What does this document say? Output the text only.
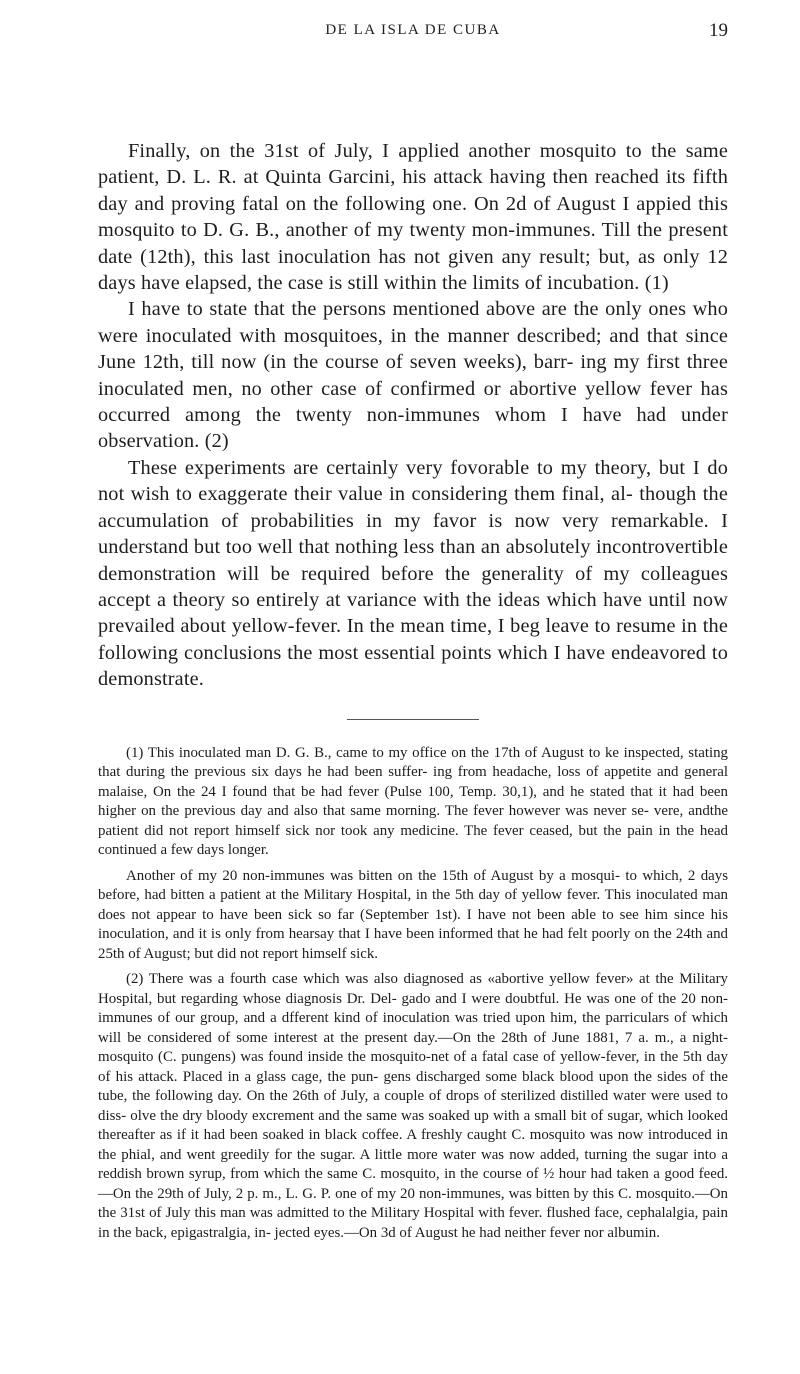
DE LA ISLA DE CUBA	19

Finally, on the 31st of July, I applied another mosquito to the same patient, D. L. R. at Quinta Garcini, his attack having then reached its fifth day and proving fatal on the following one. On 2d of August I appied this mosquito to D. G. B., another of my twenty mon-immunes. Till the present date (12th), this last inoculation has not given any result; but, as only 12 days have elapsed, the case is still within the limits of incubation. (1)

I have to state that the persons mentioned above are the only ones who were inoculated with mosquitoes, in the manner described; and that since June 12th, till now (in the course of seven weeks), barr- ing my first three inoculated men, no other case of confirmed or abortive yellow fever has occurred among the twenty non-immunes whom I have had under observation. (2)

These experiments are certainly very fovorable to my theory, but I do not wish to exaggerate their value in considering them final, al- though the accumulation of probabilities in my favor is now very remarkable. I understand but too well that nothing less than an absolutely incontrovertible demonstration will be required before the generality of my colleagues accept a theory so entirely at variance with the ideas which have until now prevailed about yellow-fever. In the mean time, I beg leave to resume in the following conclusions the most essential points which I have endeavored to demonstrate.

(1) This inoculated man D. G. B., came to my office on the 17th of August to ke inspected, stating that during the previous six days he had been suffer- ing from headache, loss of appetite and general malaise, On the 24 I found that be had fever (Pulse 100, Temp. 30,1), and he stated that it had been higher on the previous day and also that same morning. The fever however was never se- vere, andthe patient did not report himself sick nor took any medicine. The fever ceased, but the pain in the head continued a few days longer.

Another of my 20 non-immunes was bitten on the 15th of August by a mosqui- to which, 2 days before, had bitten a patient at the Military Hospital, in the 5th day of yellow fever. This inoculated man does not appear to have been sick so far (September 1st). I have not been able to see him since his inoculation, and it is only from hearsay that I have been informed that he had felt poorly on the 24th and 25th of August; but did not report himself sick.

(2) There was a fourth case which was also diagnosed as «abortive yellow fever» at the Military Hospital, but regarding whose diagnosis Dr. Del- gado and I were doubtful. He was one of the 20 non-immunes of our group, and a dfferent kind of inoculation was tried upon him, the parriculars of which will be considered of some interest at the present day.—On the 28th of June 1881, 7 a. m., a night-mosquito (C. pungens) was found inside the mosquito-net of a fatal case of yellow-fever, in the 5th day of his attack. Placed in a glass cage, the pun- gens discharged some black blood upon the sides of the tube, the following day. On the 26th of July, a couple of drops of sterilized distilled water were used to diss- olve the dry bloody excrement and the same was soaked up with a small bit of sugar, which looked thereafter as if it had been soaked in black coffee. A freshly caught C. mosquito was now introduced in the phial, and went greedily for the sugar. A little more water was now added, turning the sugar into a reddish brown syrup, from which the same C. mosquito, in the course of ½ hour had taken a good feed.—On the 29th of July, 2 p. m., L. G. P. one of my 20 non-immunes, was bitten by this C. mosquito.—On the 31st of July this man was admitted to the Military Hospital with fever. flushed face, cephalalgia, pain in the back, epigastralgia, in- jected eyes.—On 3d of August he had neither fever nor albumin.
